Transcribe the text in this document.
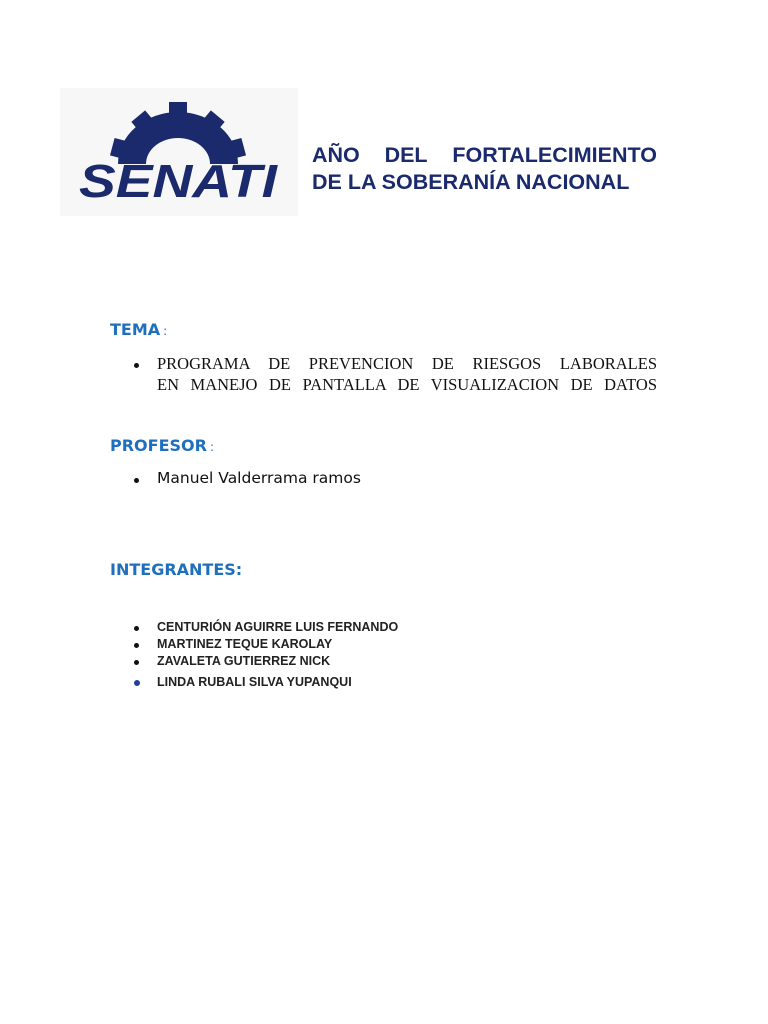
SENATI AÑO DEL FORTALECIMIENTO
DE LA SOBERANÍA NACIONAL
TEMA :
PROGRAMA DE PREVENCION DE RIESGOS LABORALES
EN MANEJO DE PANTALLA DE VISUALIZACION DE DATOS
PROFESOR :
Manuel Valderrama ramos
INTEGRANTES:
CENTURIÓN AGUIRRE LUIS FERNANDO
MARTINEZ TEQUE KAROLAY
ZAVALETA GUTIERREZ NICK
LINDA RUBALI SILVA YUPANQUI
